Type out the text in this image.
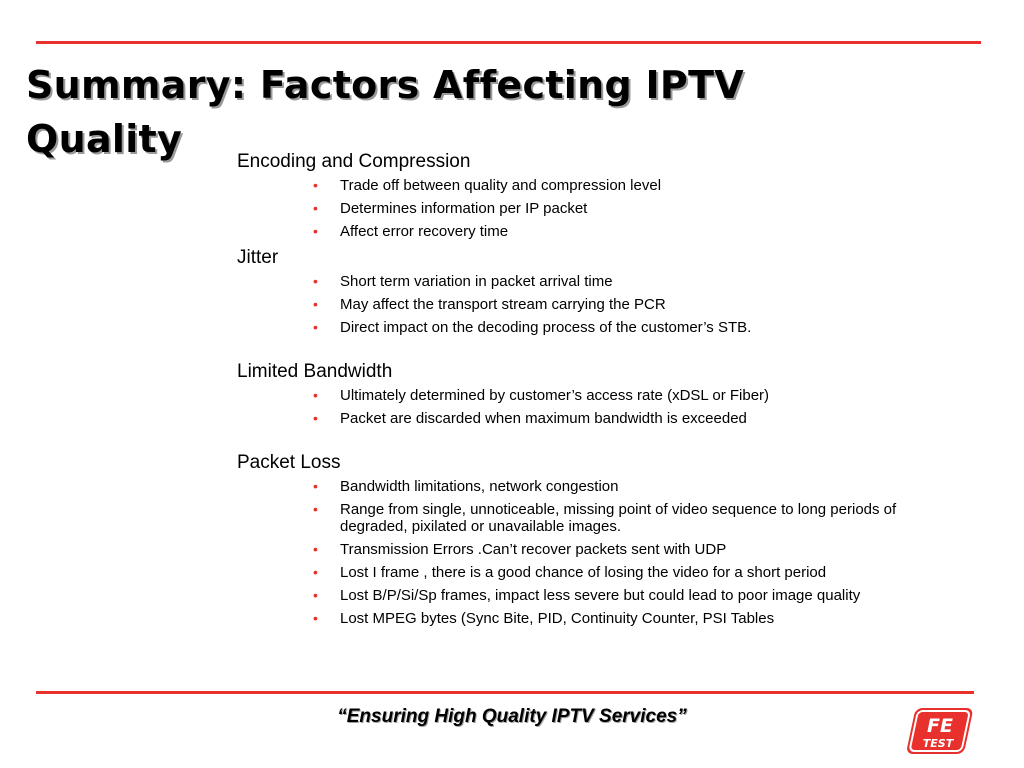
Summary: Factors Affecting IPTV Quality

Encoding and Compression

• Trade off between quality and compression level
• Determines information per IP packet
• Affect error recovery time

Jitter

• Short term variation in packet arrival time
• May affect the transport stream carrying the PCR
• Direct impact on the decoding process of the customer’s STB.

Limited Bandwidth

• Ultimately determined by customer’s access rate (xDSL or Fiber)
• Packet are discarded when maximum bandwidth is exceeded

Packet Loss

• Bandwidth limitations, network congestion
• Range from single, unnoticeable, missing point of video sequence to long periods of degraded, pixilated or unavailable images.
• Transmission Errors .Can’t recover packets sent with UDP
• Lost I frame , there is a good chance of losing the video for a short period
• Lost B/P/Si/Sp frames, impact less severe but could lead to poor image quality
• Lost MPEG bytes (Sync Bite, PID, Continuity Counter, PSI Tables
“Ensuring High Quality IPTV Services”	FE
TEST
